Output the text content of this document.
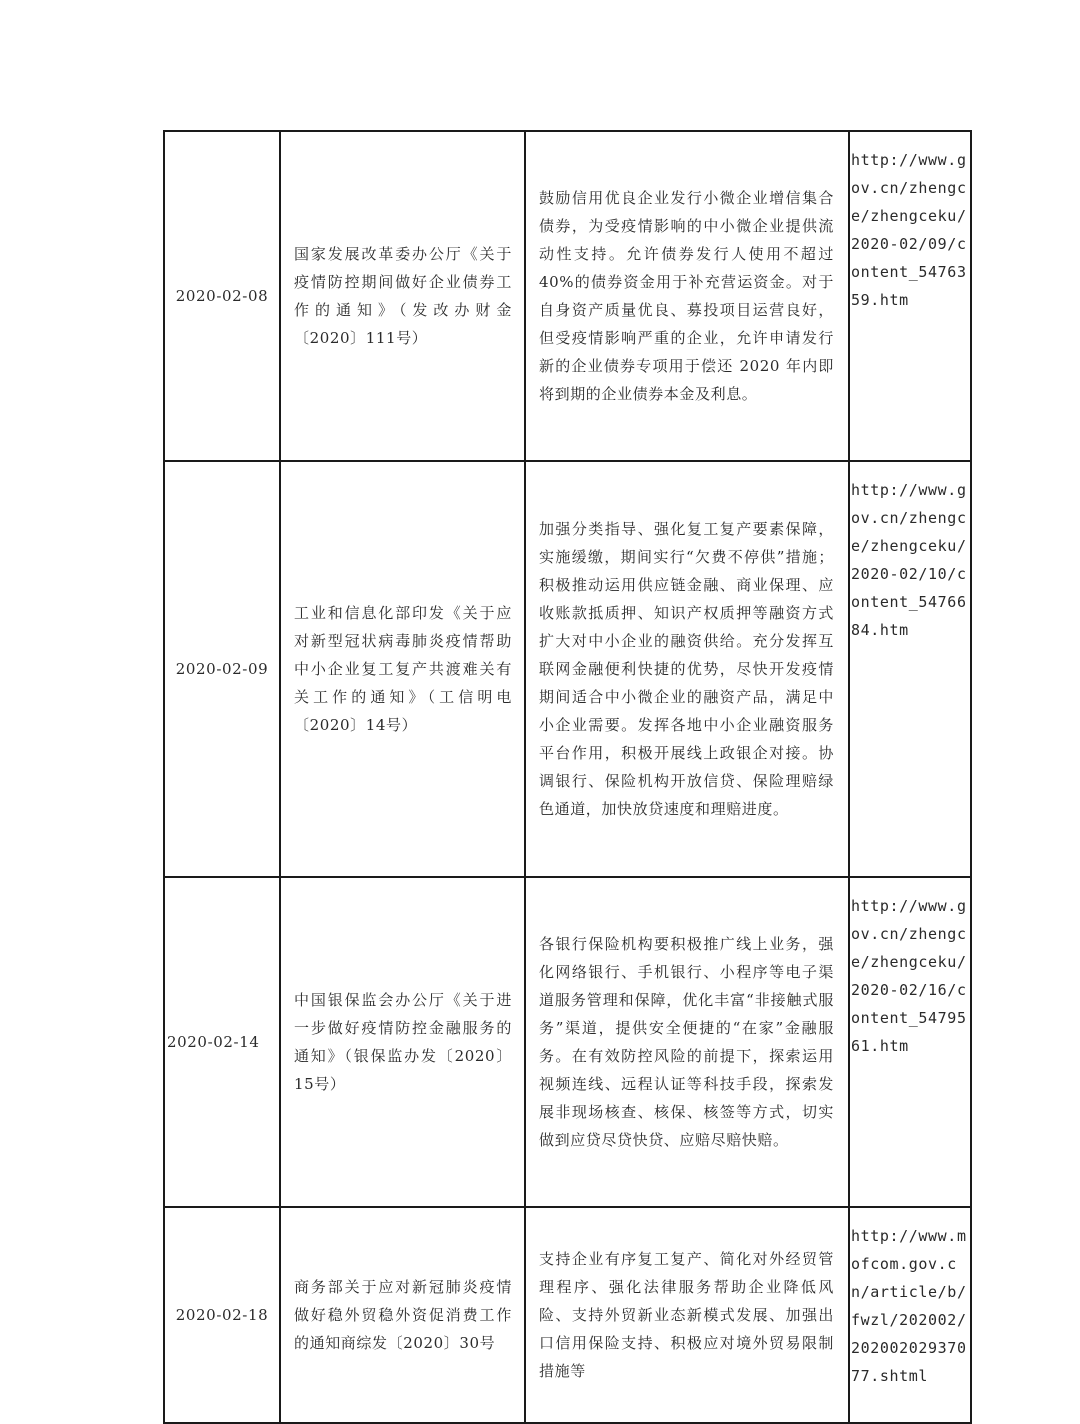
2020-02-08	国家发展改革委办公厅《关于疫情防控期间做好企业债券工作的通知》（发改办财金〔2020〕111号）	鼓励信用优良企业发行小微企业增信集合债券，为受疫情影响的中小微企业提供流动性支持。允许债券发行人使用不超过40%的债券资金用于补充营运资金。对于自身资产质量优良、募投项目运营良好，但受疫情影响严重的企业，允许申请发行新的企业债券专项用于偿还 2020 年内即将到期的企业债券本金及利息。	http://www.gov.cn/zhengce/zhengceku/2020-02/09/content_5476359.htm
2020-02-09	工业和信息化部印发《关于应对新型冠状病毒肺炎疫情帮助中小企业复工复产共渡难关有关工作的通知》（工信明电〔2020〕14号）	加强分类指导、强化复工复产要素保障，实施缓缴，期间实行“欠费不停供”措施；积极推动运用供应链金融、商业保理、应收账款抵质押、知识产权质押等融资方式扩大对中小企业的融资供给。充分发挥互联网金融便利快捷的优势，尽快开发疫情期间适合中小微企业的融资产品，满足中小企业需要。发挥各地中小企业融资服务平台作用，积极开展线上政银企对接。协调银行、保险机构开放信贷、保险理赔绿色通道，加快放贷速度和理赔进度。	http://www.gov.cn/zhengce/zhengceku/2020-02/10/content_5476684.htm
2020-02-14	中国银保监会办公厅《关于进一步做好疫情防控金融服务的通知》（银保监办发〔2020〕15号）	各银行保险机构要积极推广线上业务，强化网络银行、手机银行、小程序等电子渠道服务管理和保障，优化丰富“非接触式服务”渠道，提供安全便捷的“在家”金融服务。在有效防控风险的前提下，探索运用视频连线、远程认证等科技手段，探索发展非现场核查、核保、核签等方式，切实做到应贷尽贷快贷、应赔尽赔快赔。	http://www.gov.cn/zhengce/zhengceku/2020-02/16/content_5479561.htm
2020-02-18	商务部关于应对新冠肺炎疫情做好稳外贸稳外资促消费工作的通知商综发〔2020〕30号	支持企业有序复工复产、简化对外经贸管理程序、强化法律服务帮助企业降低风险、支持外贸新业态新模式发展、加强出口信用保险支持、积极应对境外贸易限制措施等	http://www.mofcom.gov.cn/article/b/fwzl/202002/20200202937077.shtml
